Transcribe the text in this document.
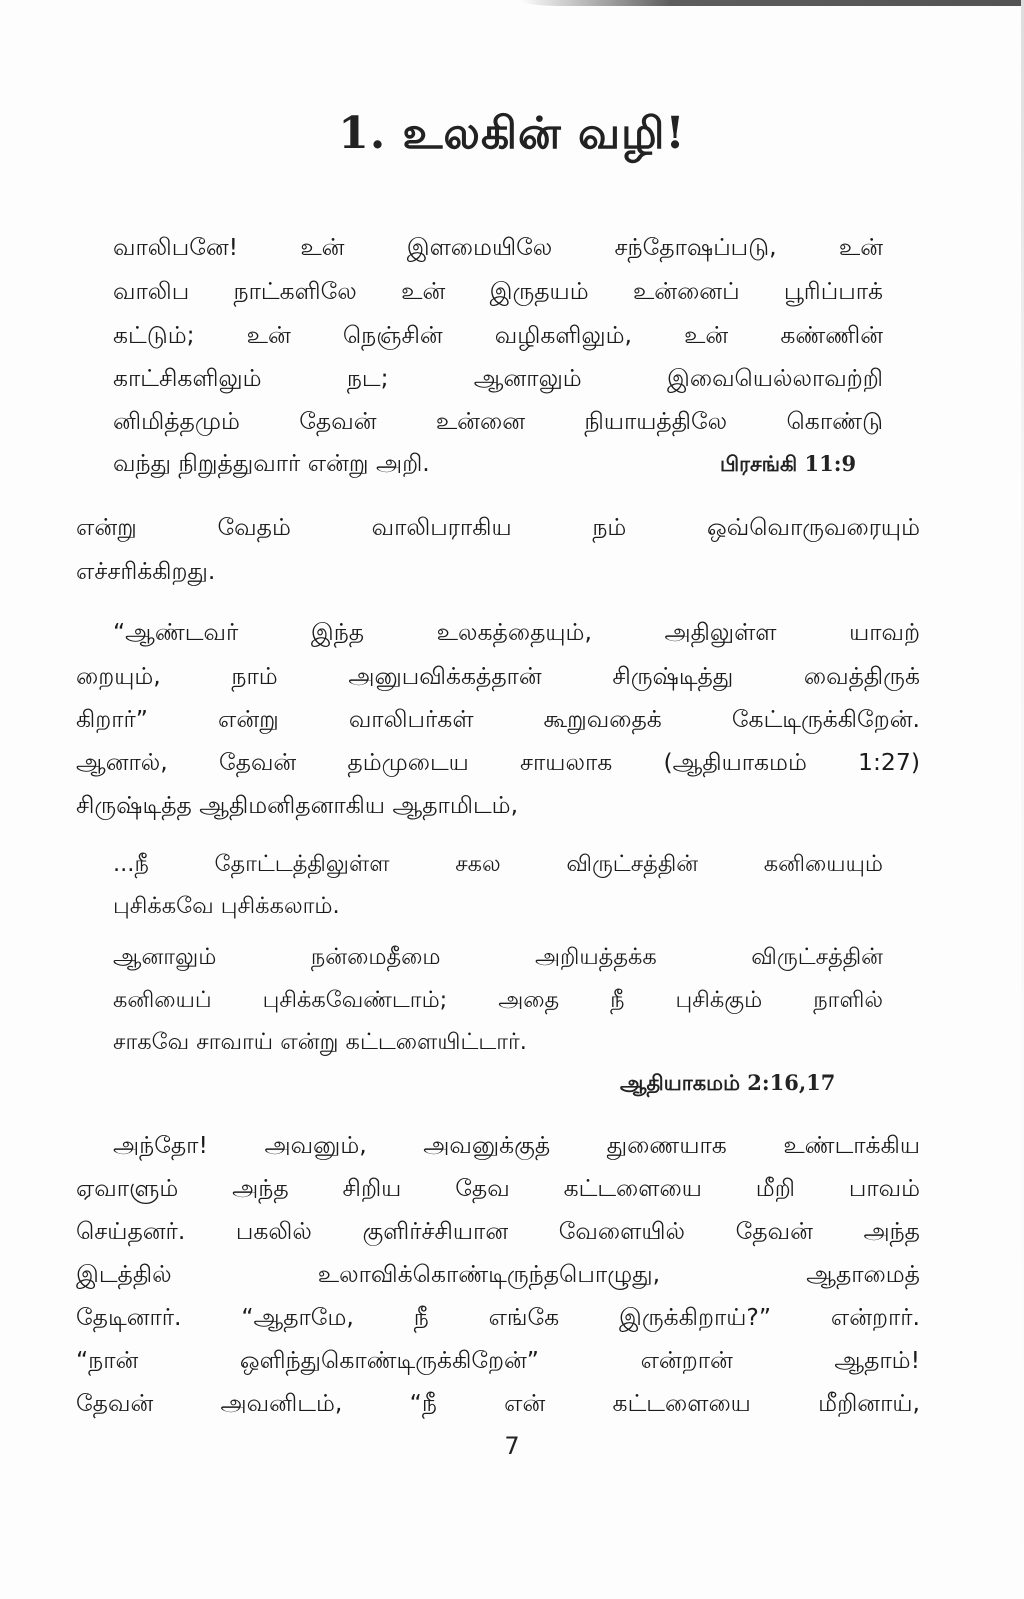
1. உலகின் வழி!
வாலிபனே! உன் இளமையிலே சந்தோஷப்படு, உன்
வாலிப நாட்களிலே உன் இருதயம் உன்னைப் பூரிப்பாக்
கட்டும்; உன் நெஞ்சின் வழிகளிலும், உன் கண்ணின்
காட்சிகளிலும் நட; ஆனாலும் இவையெல்லாவற்றி
னிமித்தமும் தேவன் உன்னை நியாயத்திலே கொண்டு
வந்து நிறுத்துவார் என்று அறி.	பிரசங்கி 11:9
என்று வேதம் வாலிபராகிய நம் ஒவ்வொருவரையும்
எச்சரிக்கிறது.
“ஆண்டவர் இந்த உலகத்தையும், அதிலுள்ள யாவற்
றையும், நாம் அனுபவிக்கத்தான் சிருஷ்டித்து வைத்திருக்
கிறார்” என்று வாலிபர்கள் கூறுவதைக் கேட்டிருக்கிறேன்.
ஆனால், தேவன் தம்முடைய சாயலாக (ஆதியாகமம் 1:27)
சிருஷ்டித்த ஆதிமனிதனாகிய ஆதாமிடம்,
...நீ தோட்டத்திலுள்ள சகல விருட்சத்தின் கனியையும்
புசிக்கவே புசிக்கலாம்.
ஆனாலும் நன்மைதீமை அறியத்தக்க விருட்சத்தின்
கனியைப் புசிக்கவேண்டாம்; அதை நீ புசிக்கும் நாளில்
சாகவே சாவாய் என்று கட்டளையிட்டார்.
ஆதியாகமம் 2:16,17
அந்தோ! அவனும், அவனுக்குத் துணையாக உண்டாக்கிய
ஏவாளும் அந்த சிறிய தேவ கட்டளையை மீறி பாவம்
செய்தனர். பகலில் குளிர்ச்சியான வேளையில் தேவன் அந்த
இடத்தில் உலாவிக்கொண்டிருந்தபொழுது, ஆதாமைத்
தேடினார். “ஆதாமே, நீ எங்கே இருக்கிறாய்?” என்றார்.
“நான் ஒளிந்துகொண்டிருக்கிறேன்” என்றான் ஆதாம்!
தேவன் அவனிடம், “நீ என் கட்டளையை மீறினாய்,
7
